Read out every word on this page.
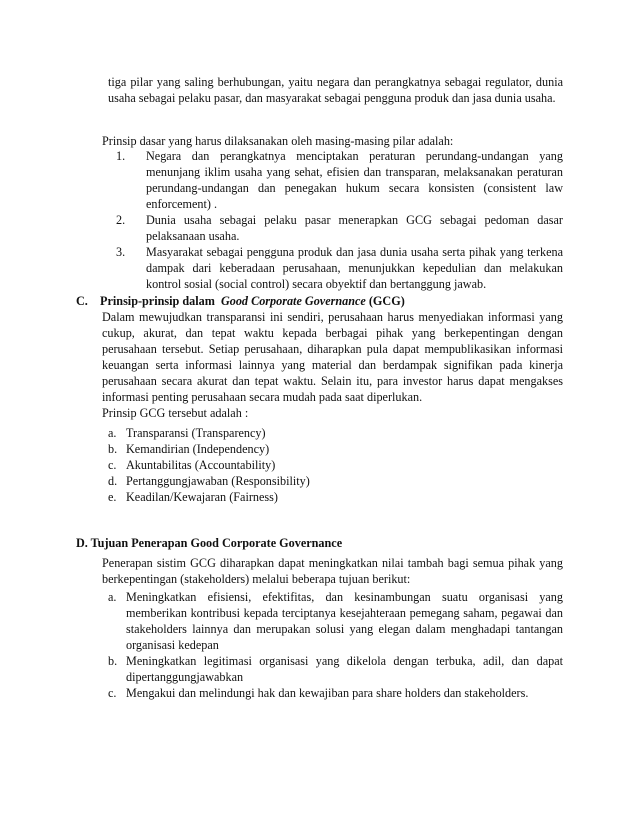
tiga pilar yang saling berhubungan, yaitu negara dan perangkatnya sebagai regulator, dunia usaha sebagai pelaku pasar, dan masyarakat sebagai pengguna produk dan jasa dunia usaha.

Prinsip dasar yang harus dilaksanakan oleh masing-masing pilar adalah:

1. Negara dan perangkatnya menciptakan peraturan perundang-undangan yang menunjang iklim usaha yang sehat, efisien dan transparan, melaksanakan peraturan perundang-undangan dan penegakan hukum secara konsisten (consistent law enforcement) .
2. Dunia usaha sebagai pelaku pasar menerapkan GCG sebagai pedoman dasar pelaksanaan usaha.
3. Masyarakat sebagai pengguna produk dan jasa dunia usaha serta pihak yang terkena dampak dari keberadaan perusahaan, menunjukkan kepedulian dan melakukan kontrol sosial (social control) secara obyektif dan bertanggung jawab.
C. Prinsip-prinsip dalam Good Corporate Governance (GCG)

Dalam mewujudkan transparansi ini sendiri, perusahaan harus menyediakan informasi yang cukup, akurat, dan tepat waktu kepada berbagai pihak yang berkepentingan dengan perusahaan tersebut. Setiap perusahaan, diharapkan pula dapat mempublikasikan informasi keuangan serta informasi lainnya yang material dan berdampak signifikan pada kinerja perusahaan secara akurat dan tepat waktu. Selain itu, para investor harus dapat mengakses informasi penting perusahaan secara mudah pada saat diperlukan.

Prinsip GCG tersebut adalah :

a. Transparansi (Transparency)
b. Kemandirian (Independency)
c. Akuntabilitas (Accountability)
d. Pertanggungjawaban (Responsibility)
e. Keadilan/Kewajaran (Fairness)
D. Tujuan Penerapan Good Corporate Governance

Penerapan sistim GCG diharapkan dapat meningkatkan nilai tambah bagi semua pihak yang berkepentingan (stakeholders) melalui beberapa tujuan berikut:

a. Meningkatkan efisiensi, efektifitas, dan kesinambungan suatu organisasi yang memberikan kontribusi kepada terciptanya kesejahteraan pemegang saham, pegawai dan stakeholders lainnya dan merupakan solusi yang elegan dalam menghadapi tantangan organisasi kedepan
b. Meningkatkan legitimasi organisasi yang dikelola dengan terbuka, adil, dan dapat dipertanggungjawabkan
c. Mengakui dan melindungi hak dan kewajiban para share holders dan stakeholders.
